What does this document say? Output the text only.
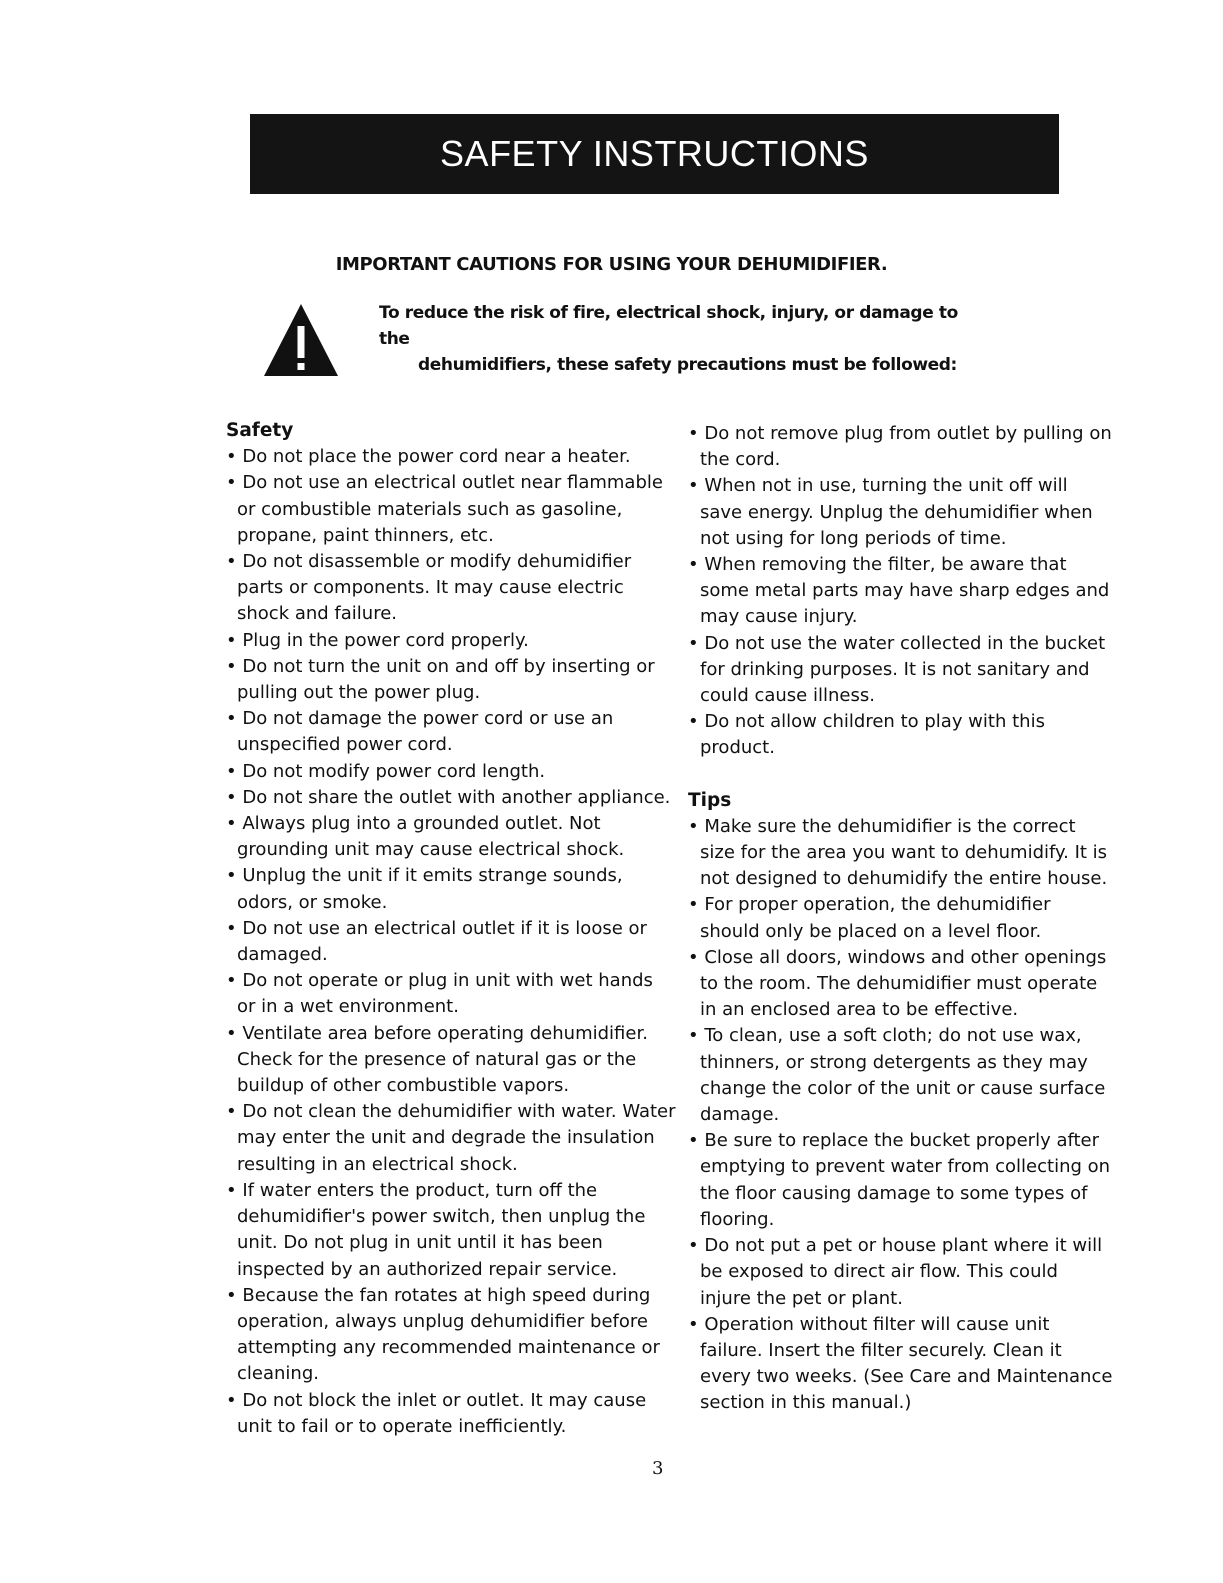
SAFETY INSTRUCTIONS
IMPORTANT CAUTIONS FOR USING YOUR DEHUMIDIFIER.
To reduce the risk of fire, electrical shock, injury, or damage to the
dehumidifiers, these safety precautions must be followed:
Safety
• Do not place the power cord near a heater.
• Do not use an electrical outlet near flammable or combustible materials such as gasoline, propane, paint thinners, etc.
• Do not disassemble or modify dehumidifier parts or components. It may cause electric shock and failure.
• Plug in the power cord properly.
• Do not turn the unit on and off by inserting or pulling out the power plug.
• Do not damage the power cord or use an unspecified power cord.
• Do not modify power cord length.
• Do not share the outlet with another appliance.
• Always plug into a grounded outlet. Not grounding unit may cause electrical shock.
• Unplug the unit if it emits strange sounds, odors, or smoke.
• Do not use an electrical outlet if it is loose or damaged.
• Do not operate or plug in unit with wet hands or in a wet environment.
• Ventilate area before operating dehumidifier. Check for the presence of natural gas or the buildup of other combustible vapors.
• Do not clean the dehumidifier with water. Water may enter the unit and degrade the insulation resulting in an electrical shock.
• If water enters the product, turn off the dehumidifier's power switch, then unplug the unit. Do not plug in unit until it has been inspected by an authorized repair service.
• Because the fan rotates at high speed during operation, always unplug dehumidifier before attempting any recommended maintenance or cleaning.
• Do not block the inlet or outlet. It may cause unit to fail or to operate inefficiently.
• Do not remove plug from outlet by pulling on the cord.
• When not in use, turning the unit off will save energy. Unplug the dehumidifier when not using for long periods of time.
• When removing the filter, be aware that some metal parts may have sharp edges and may cause injury.
• Do not use the water collected in the bucket for drinking purposes. It is not sanitary and could cause illness.
• Do not allow children to play with this product.
Tips
• Make sure the dehumidifier is the correct size for the area you want to dehumidify. It is not designed to dehumidify the entire house.
• For proper operation, the dehumidifier should only be placed on a level floor.
• Close all doors, windows and other openings to the room. The dehumidifier must operate in an enclosed area to be effective.
• To clean, use a soft cloth; do not use wax, thinners, or strong detergents as they may change the color of the unit or cause surface damage.
• Be sure to replace the bucket properly after emptying to prevent water from collecting on the floor causing damage to some types of flooring.
• Do not put a pet or house plant where it will be exposed to direct air flow. This could injure the pet or plant.
• Operation without filter will cause unit failure. Insert the filter securely. Clean it every two weeks. (See Care and Maintenance section in this manual.)
3
